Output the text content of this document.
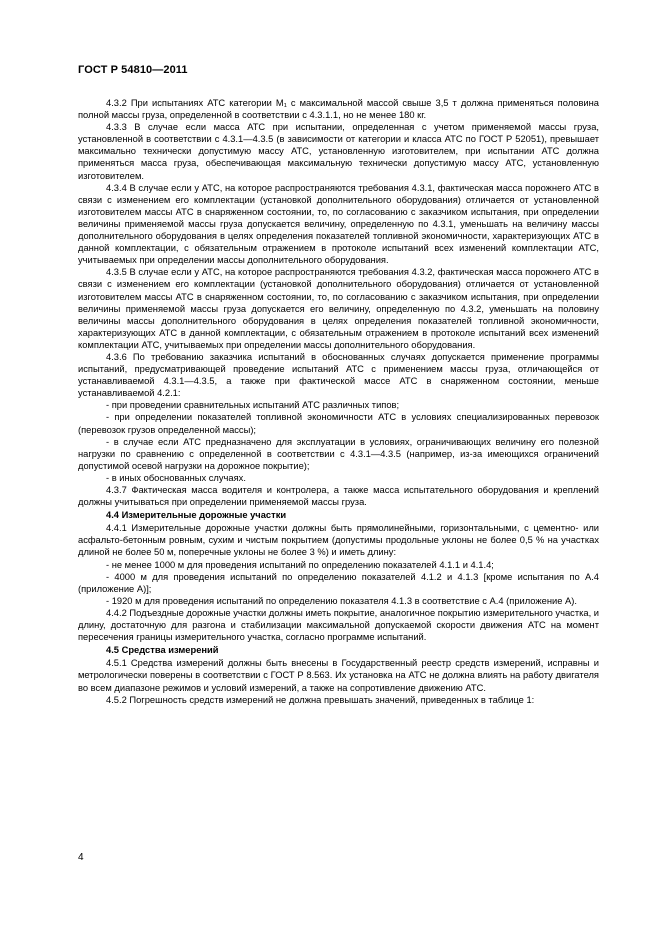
ГОСТ Р 54810—2011

4.3.2 При испытаниях АТС категории M₁ с максимальной массой свыше 3,5 т должна применяться половина полной массы груза, определенной в соответствии с 4.3.1.1, но не менее 180 кг.

4.3.3 В случае если масса АТС при испытании, определенная с учетом применяемой массы груза, установленной в соответствии с 4.3.1—4.3.5 (в зависимости от категории и класса АТС по ГОСТ Р 52051), превышает максимально технически допустимую массу АТС, установленную изготовителем, при испытании АТС должна применяться масса груза, обеспечивающая максимальную технически допустимую массу АТС, установленную изготовителем.

4.3.4 В случае если у АТС, на которое распространяются требования 4.3.1, фактическая масса порожнего АТС в связи с изменением его комплектации (установкой дополнительного оборудования) отличается от установленной изготовителем массы АТС в снаряженном состоянии, то, по согласованию с заказчиком испытания, при определении величины применяемой массы груза допускается величину, определенную по 4.3.1, уменьшать на величину массы дополнительного оборудования в целях определения показателей топливной экономичности, характеризующих АТС в данной комплектации, с обязательным отражением в протоколе испытаний всех изменений комплектации АТС, учитываемых при определении массы дополнительного оборудования.

4.3.5 В случае если у АТС, на которое распространяются требования 4.3.2, фактическая масса порожнего АТС в связи с изменением его комплектации (установкой дополнительного оборудования) отличается от установленной изготовителем массы АТС в снаряженном состоянии, то, по согласованию с заказчиком испытания, при определении величины применяемой массы груза допускается его величину, определенную по 4.3.2, уменьшать на половину величины массы дополнительного оборудования в целях определения показателей топливной экономичности, характеризующих АТС в данной комплектации, с обязательным отражением в протоколе испытаний всех изменений комплектации АТС, учитываемых при определении массы дополнительного оборудования.

4.3.6 По требованию заказчика испытаний в обоснованных случаях допускается применение программы испытаний, предусматривающей проведение испытаний АТС с применением массы груза, отличающейся от устанавливаемой 4.3.1—4.3.5, а также при фактической массе АТС в снаряженном состоянии, меньше устанавливаемой 4.2.1:

- при проведении сравнительных испытаний АТС различных типов;

- при определении показателей топливной экономичности АТС в условиях специализированных перевозок (перевозок грузов определенной массы);

- в случае если АТС предназначено для эксплуатации в условиях, ограничивающих величину его полезной нагрузки по сравнению с определенной в соответствии с 4.3.1—4.3.5 (например, из-за имеющихся ограничений допустимой осевой нагрузки на дорожное покрытие);

- в иных обоснованных случаях.

4.3.7 Фактическая масса водителя и контролера, а также масса испытательного оборудования и креплений должны учитываться при определении применяемой массы груза.

4.4 Измерительные дорожные участки

4.4.1 Измерительные дорожные участки должны быть прямолинейными, горизонтальными, с цементно- или асфальто-бетонным ровным, сухим и чистым покрытием (допустимы продольные уклоны не более 0,5 % на участках длиной не более 50 м, поперечные уклоны не более 3 %) и иметь длину:

- не менее 1000 м для проведения испытаний по определению показателей 4.1.1 и 4.1.4;

- 4000 м для проведения испытаний по определению показателей 4.1.2 и 4.1.3 [кроме испытания по А.4 (приложение А)];

- 1920 м для проведения испытаний по определению показателя 4.1.3 в соответствие с А.4 (приложение А).

4.4.2 Подъездные дорожные участки должны иметь покрытие, аналогичное покрытию измерительного участка, и длину, достаточную для разгона и стабилизации максимальной допускаемой скорости движения АТС на момент пересечения границы измерительного участка, согласно программе испытаний.

4.5 Средства измерений

4.5.1 Средства измерений должны быть внесены в Государственный реестр средств измерений, исправны и метрологически поверены в соответствии с ГОСТ Р 8.563. Их установка на АТС не должна влиять на работу двигателя во всем диапазоне режимов и условий измерений, а также на сопротивление движению АТС.

4.5.2 Погрешность средств измерений не должна превышать значений, приведенных в таблице 1:

4
